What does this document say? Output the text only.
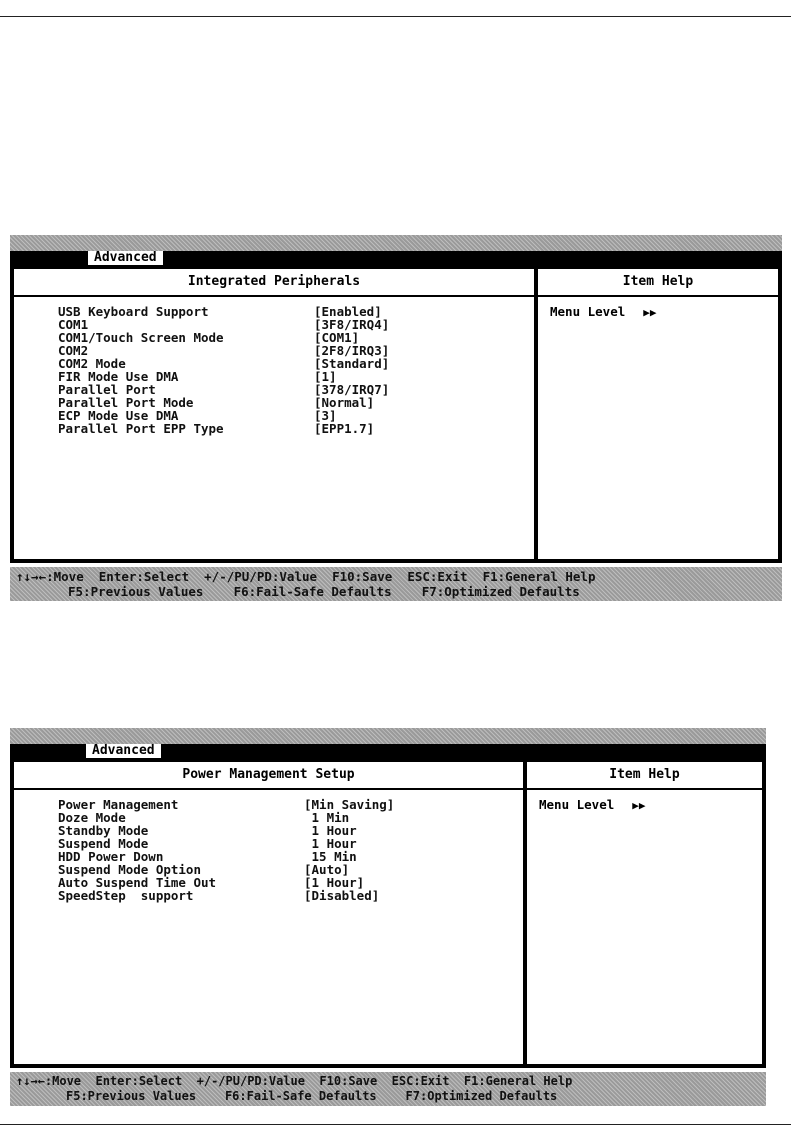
Advanced
Integrated Peripherals
USB Keyboard Support	[Enabled]
COM1	[3F8/IRQ4]
COM1/Touch Screen Mode	[COM1]
COM2	[2F8/IRQ3]
COM2 Mode	[Standard]
FIR Mode Use DMA	[1]
Parallel Port	[378/IRQ7]
Parallel Port Mode	[Normal]
ECP Mode Use DMA	[3]
Parallel Port EPP Type	[EPP1.7]
Item Help
Menu Level ▶▶
↑↓→←:Move  Enter:Select  +/-/PU/PD:Value  F10:Save  ESC:Exit  F1:General Help
F5:Previous Values    F6:Fail-Safe Defaults    F7:Optimized Defaults

Advanced
Power Management Setup
Power Management	[Min Saving]
Doze Mode	1 Min
Standby Mode	1 Hour
Suspend Mode	1 Hour
HDD Power Down	15 Min
Suspend Mode Option	[Auto]
Auto Suspend Time Out	[1 Hour]
SpeedStep  support	[Disabled]
Item Help
Menu Level ▶▶
↑↓→←:Move  Enter:Select  +/-/PU/PD:Value  F10:Save  ESC:Exit  F1:General Help
F5:Previous Values    F6:Fail-Safe Defaults    F7:Optimized Defaults
